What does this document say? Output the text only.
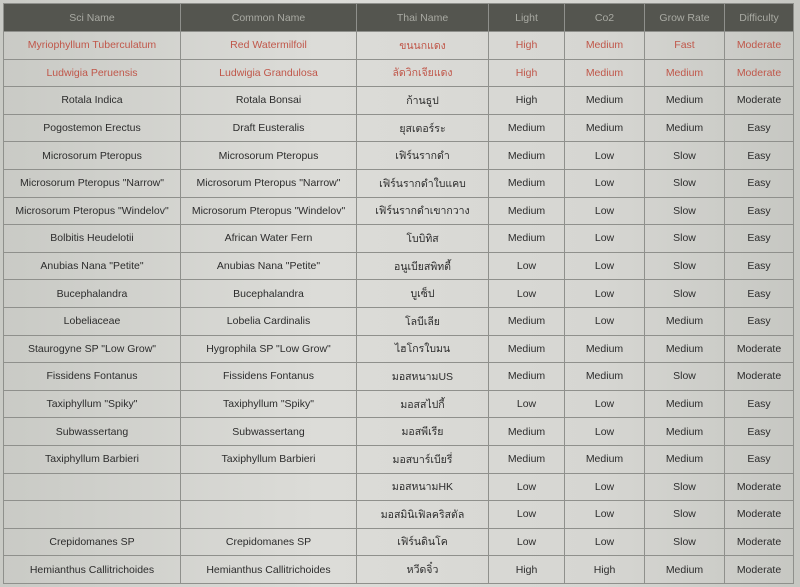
Sci Name	Common Name	Thai Name	Light	Co2	Grow Rate	Difficulty
Myriophyllum Tuberculatum	Red Watermilfoil	ขนนกแดง	High	Medium	Fast	Moderate
Ludwigia Peruensis	Ludwigia Grandulosa	ลัดวิกเจียแดง	High	Medium	Medium	Moderate
Rotala Indica	Rotala Bonsai	ก้านธูป	High	Medium	Medium	Moderate
Pogostemon Erectus	Draft Eusteralis	ยุสเตอร์ระ	Medium	Medium	Medium	Easy
Microsorum Pteropus	Microsorum Pteropus	เฟิร์นรากดำ	Medium	Low	Slow	Easy
Microsorum Pteropus "Narrow"	Microsorum Pteropus "Narrow"	เฟิร์นรากดำใบแคบ	Medium	Low	Slow	Easy
Microsorum Pteropus "Windelov"	Microsorum Pteropus "Windelov"	เฟิร์นรากดำเขากวาง	Medium	Low	Slow	Easy
Bolbitis Heudelotii	African Water Fern	โบบิทิส	Medium	Low	Slow	Easy
Anubias Nana "Petite"	Anubias Nana "Petite"	อนูเบียสพิทตี้	Low	Low	Slow	Easy
Bucephalandra	Bucephalandra	บูเซ็ป	Low	Low	Slow	Easy
Lobeliaceae	Lobelia Cardinalis	โลบีเลีย	Medium	Low	Medium	Easy
Staurogyne SP "Low Grow"	Hygrophila SP "Low Grow"	ไฮโกรใบมน	Medium	Medium	Medium	Moderate
Fissidens Fontanus	Fissidens Fontanus	มอสหนามUS	Medium	Medium	Slow	Moderate
Taxiphyllum "Spiky"	Taxiphyllum "Spiky"	มอสสไปกี้	Low	Low	Medium	Easy
Subwassertang	Subwassertang	มอสพีเรีย	Medium	Low	Medium	Easy
Taxiphyllum Barbieri	Taxiphyllum Barbieri	มอสบาร์เบียรี่	Medium	Medium	Medium	Easy
		มอสหนามHK	Low	Low	Slow	Moderate
		มอสมินิเฟิลคริสตัล	Low	Low	Slow	Moderate
Crepidomanes SP	Crepidomanes SP	เฟิร์นดินโค	Low	Low	Slow	Moderate
Hemianthus Callitrichoides	Hemianthus Callitrichoides	หวีดจิ๋ว	High	High	Medium	Moderate
